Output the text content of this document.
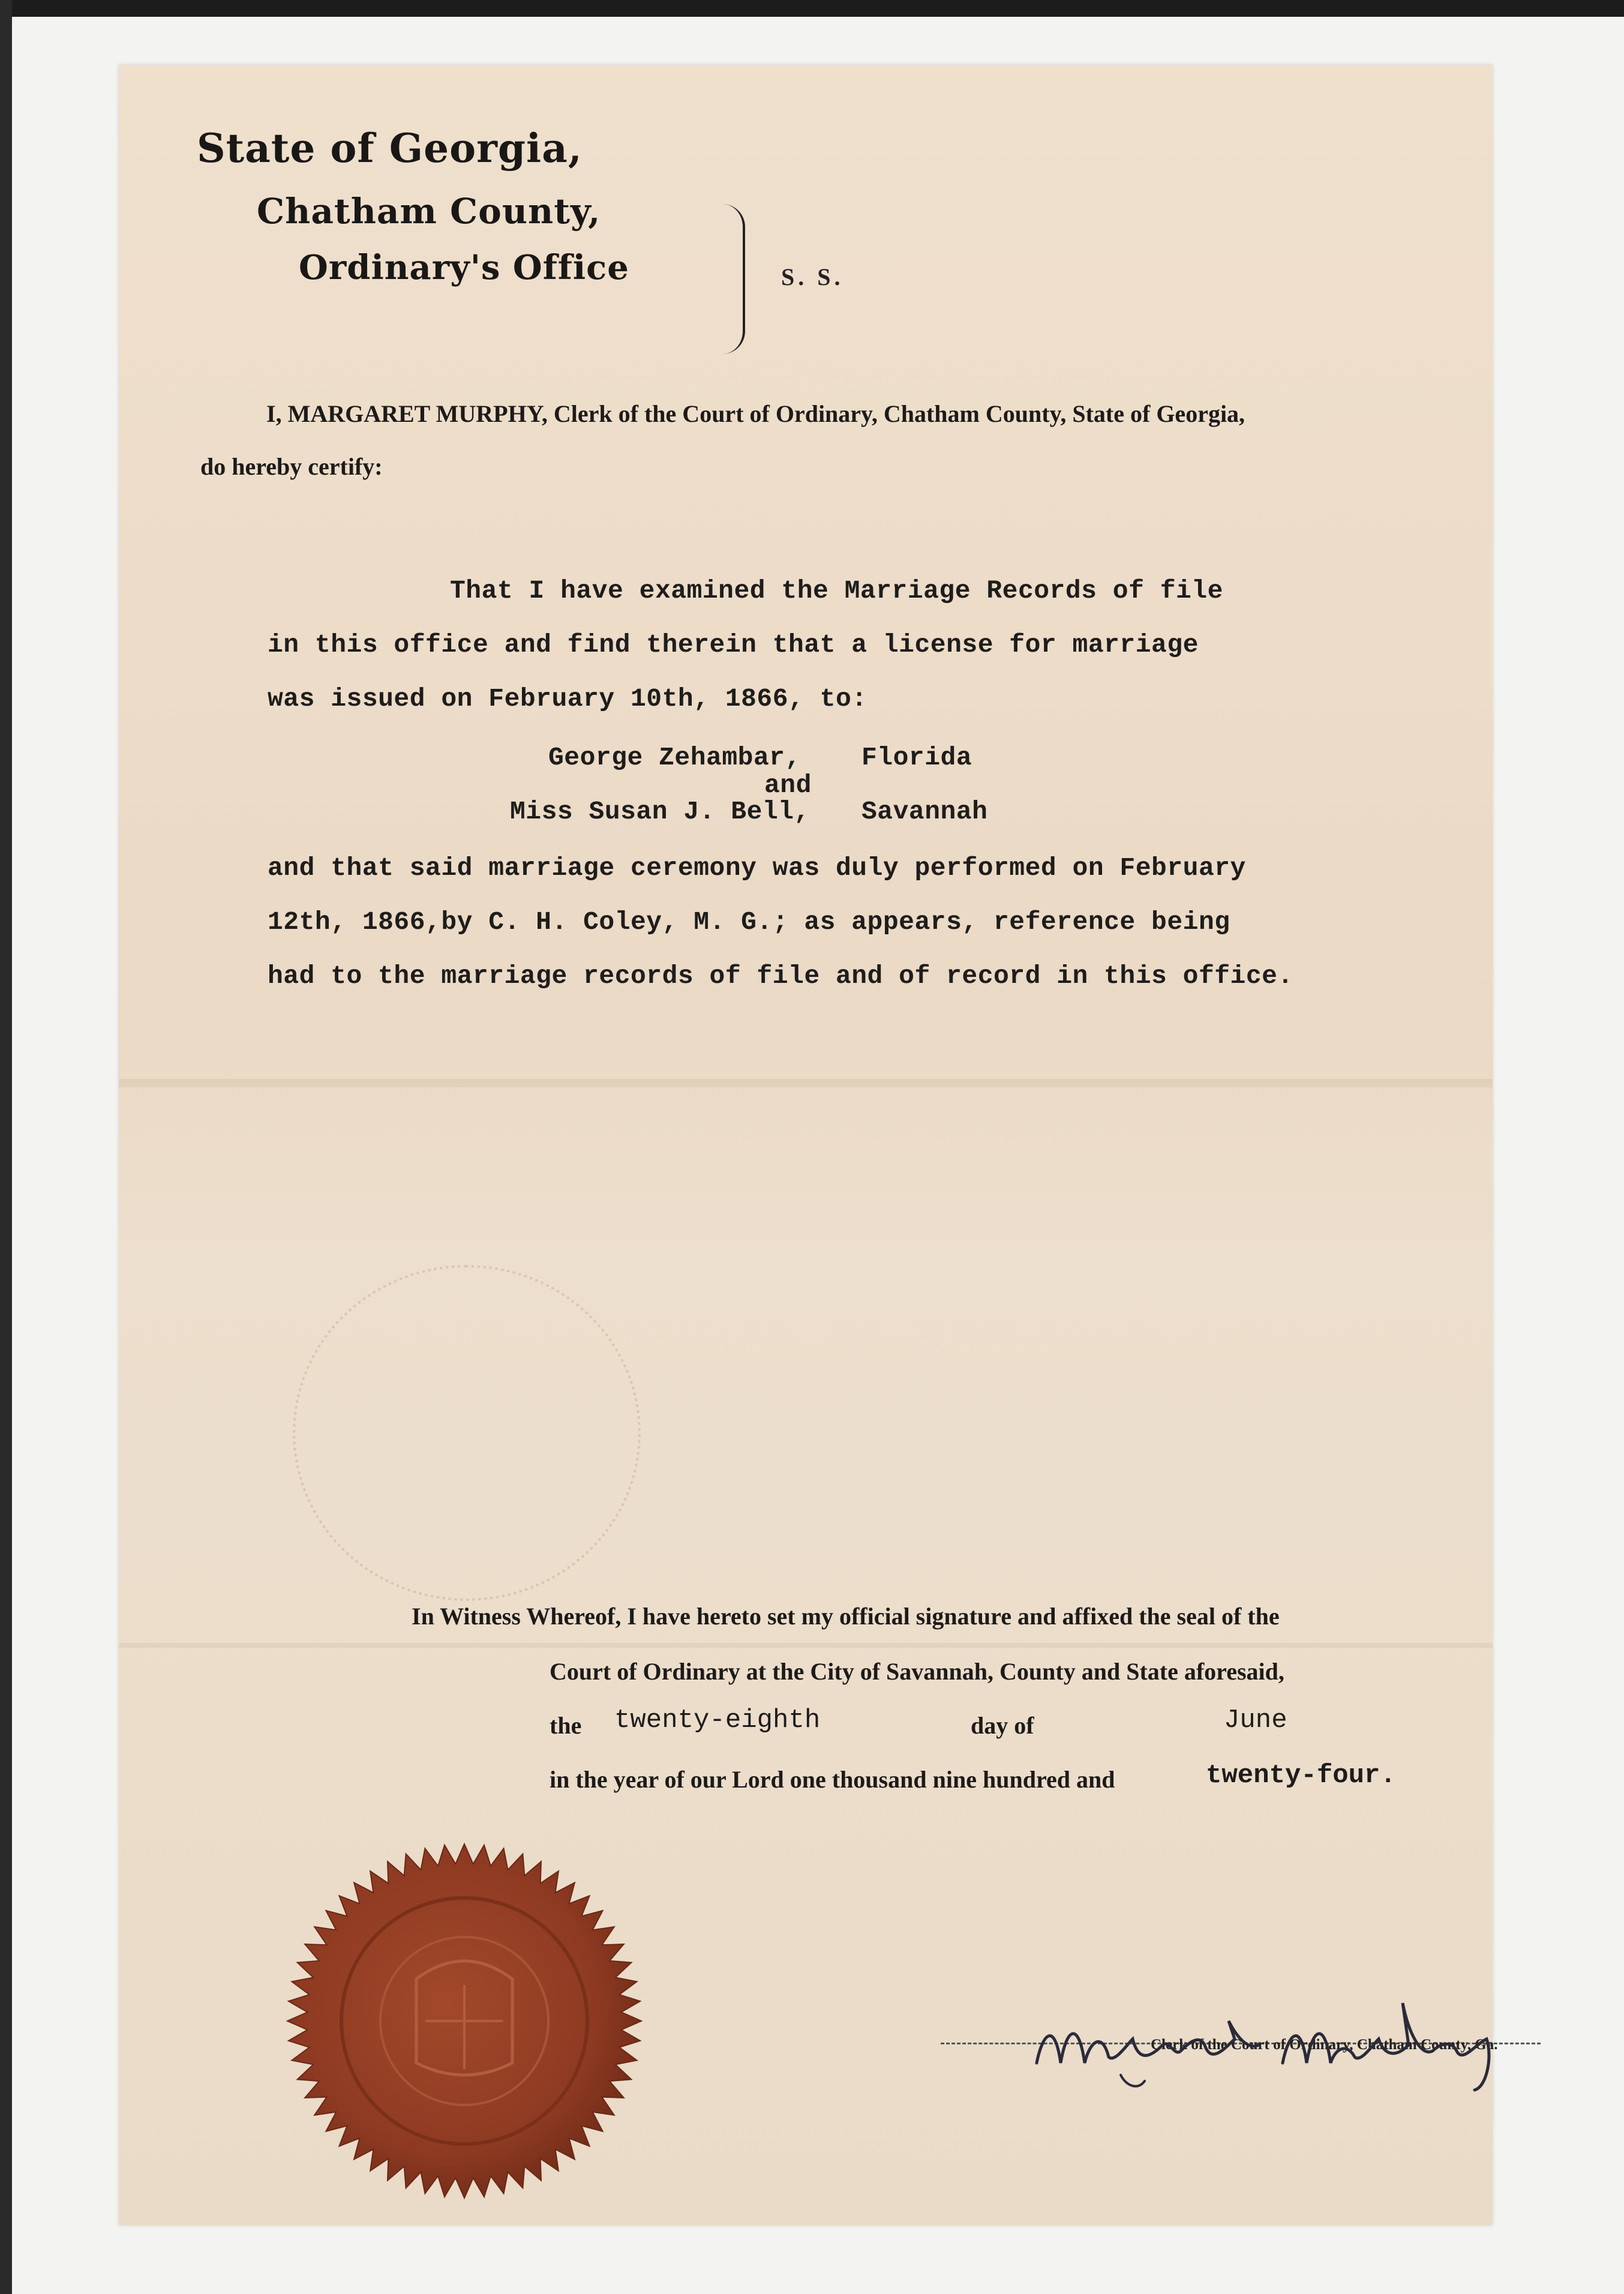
State of Georgia,
Chatham County,
Ordinary's Office	S. S.
I, MARGARET MURPHY, Clerk of the Court of Ordinary, Chatham County, State of Georgia,
do hereby certify:
That I have examined the Marriage Records of file
in this office and find therein that a license for marriage
was issued on February 10th, 1866, to:
George Zehambar, Florida
and
Miss Susan J. Bell, Savannah
and that said marriage ceremony was duly performed on February
12th, 1866,by C. H. Coley, M. G.; as appears, reference being
had to the marriage records of file and of record in this office.
In Witness Whereof, I have hereto set my official signature and affixed the seal of the
Court of Ordinary at the City of Savannah, County and State aforesaid,
the twenty-eighth	day of	June
in the year of our Lord one thousand nine hundred and	twenty-four.
Clerk of the Court of Ordinary, Chatham County, Ga.
